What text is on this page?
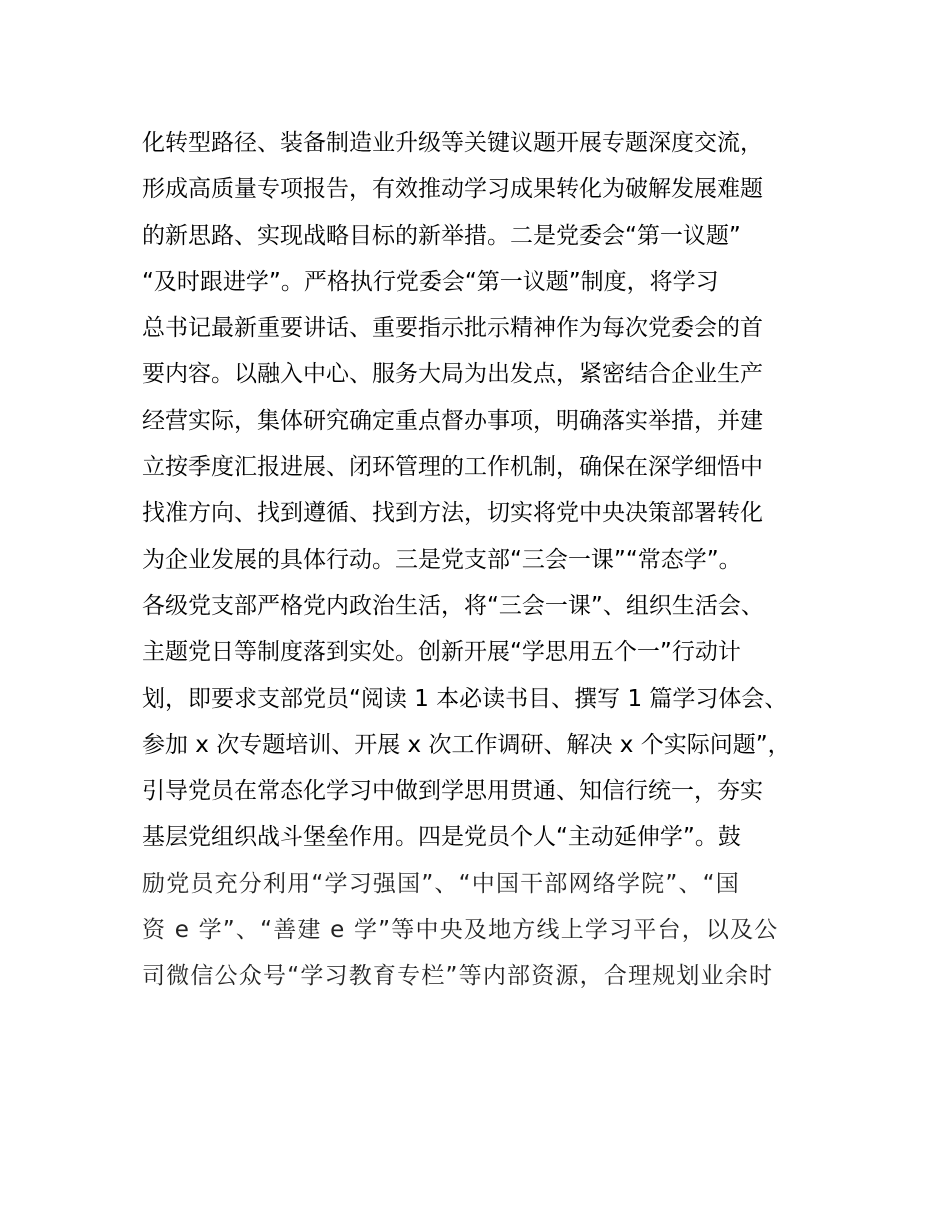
化转型路径、装备制造业升级等关键议题开展专题深度交流，
形成高质量专项报告，有效推动学习成果转化为破解发展难题
的新思路、实现战略目标的新举措。二是党委会“第一议题”
“及时跟进学”。严格执行党委会“第一议题”制度，将学习
总书记最新重要讲话、重要指示批示精神作为每次党委会的首
要内容。以融入中心、服务大局为出发点，紧密结合企业生产
经营实际，集体研究确定重点督办事项，明确落实举措，并建
立按季度汇报进展、闭环管理的工作机制，确保在深学细悟中
找准方向、找到遵循、找到方法，切实将党中央决策部署转化
为企业发展的具体行动。三是党支部“三会一课”“常态学”。
各级党支部严格党内政治生活，将“三会一课”、组织生活会、
主题党日等制度落到实处。创新开展“学思用五个一”行动计
划，即要求支部党员“阅读 1 本必读书目、撰写 1 篇学习体会、
参加 x 次专题培训、开展 x 次工作调研、解决 x 个实际问题”，
引导党员在常态化学习中做到学思用贯通、知信行统一，夯实
基层党组织战斗堡垒作用。四是党员个人“主动延伸学”。鼓
励党员充分利用“学习强国”、“中国干部网络学院”、“国
资 e 学”、“善建 e 学”等中央及地方线上学习平台，以及公
司微信公众号“学习教育专栏”等内部资源，合理规划业余时
